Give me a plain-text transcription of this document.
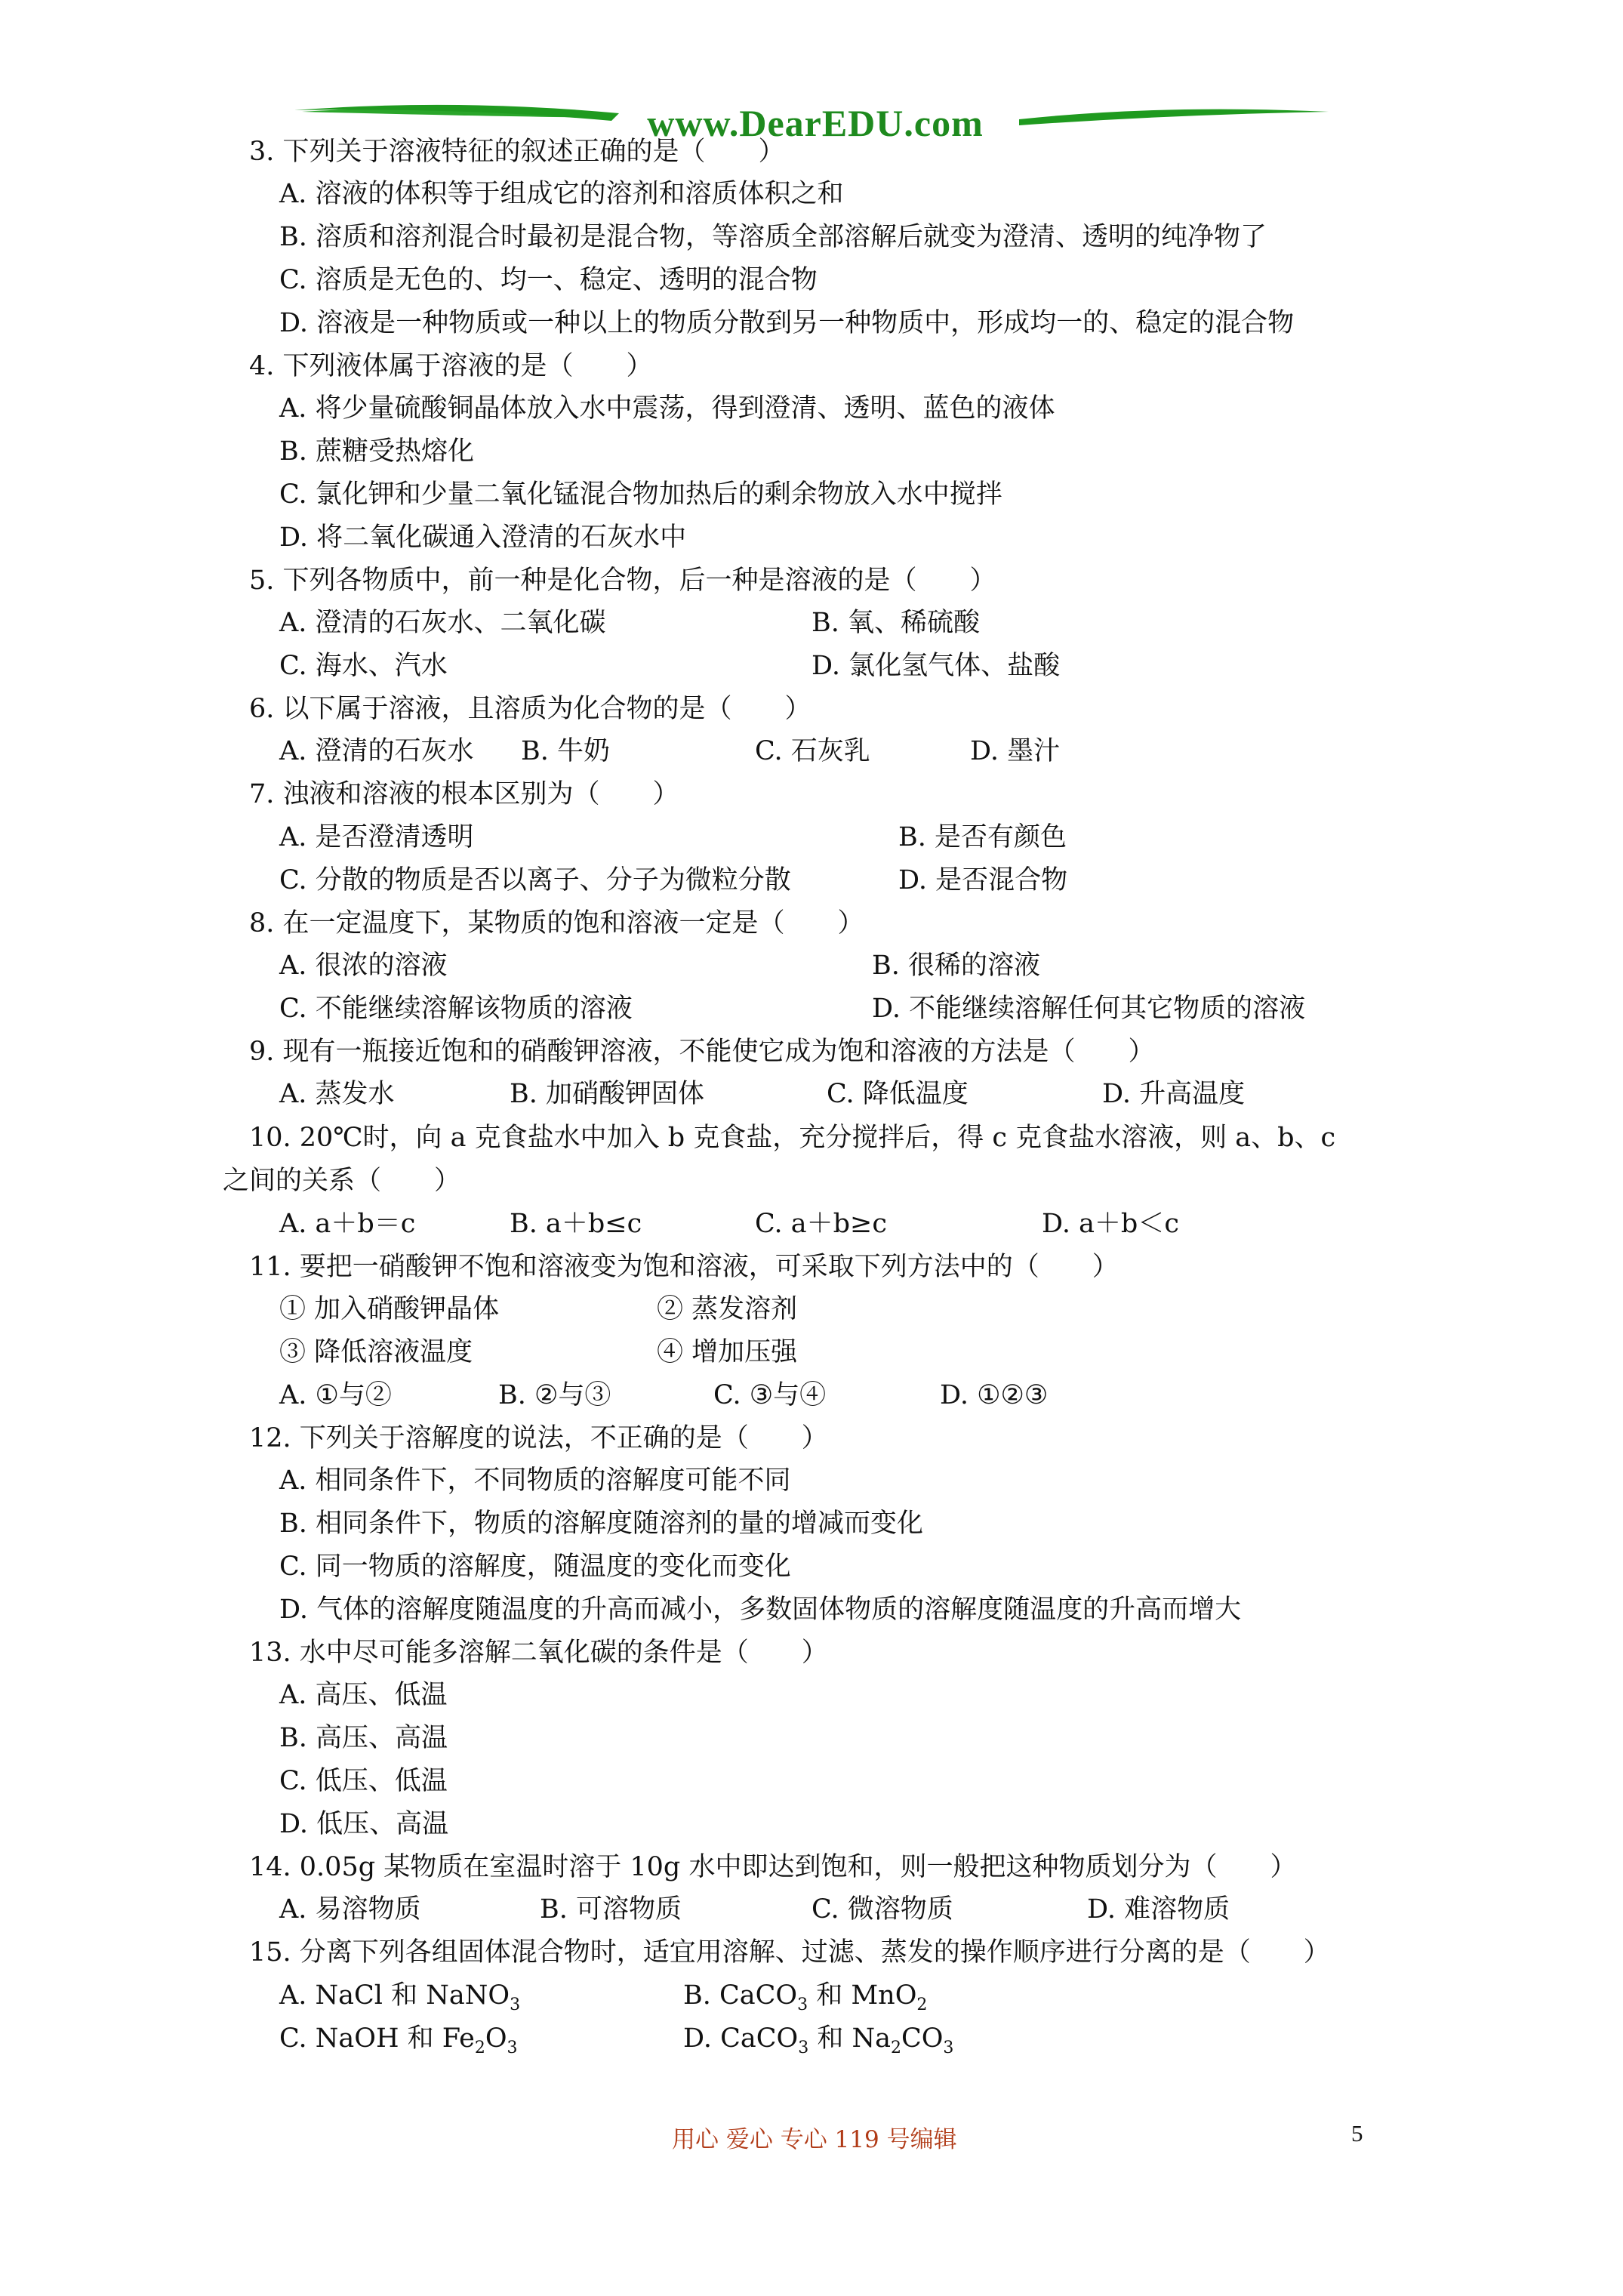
www.DearEDU.com
3. 下列关于溶液特征的叙述正确的是（　　）
A. 溶液的体积等于组成它的溶剂和溶质体积之和
B. 溶质和溶剂混合时最初是混合物，等溶质全部溶解后就变为澄清、透明的纯净物了
C. 溶质是无色的、均一、稳定、透明的混合物
D. 溶液是一种物质或一种以上的物质分散到另一种物质中，形成均一的、稳定的混合物
4. 下列液体属于溶液的是（　　）
A. 将少量硫酸铜晶体放入水中震荡，得到澄清、透明、蓝色的液体
B. 蔗糖受热熔化
C. 氯化钾和少量二氧化锰混合物加热后的剩余物放入水中搅拌
D. 将二氧化碳通入澄清的石灰水中
5. 下列各物质中，前一种是化合物，后一种是溶液的是（　　）
A. 澄清的石灰水、二氧化碳	B. 氧、稀硫酸
C. 海水、汽水	D. 氯化氢气体、盐酸
6. 以下属于溶液，且溶质为化合物的是（　　）
A. 澄清的石灰水 B. 牛奶	C. 石灰乳	D. 墨汁
7. 浊液和溶液的根本区别为（　　）
A. 是否澄清透明	B. 是否有颜色
C. 分散的物质是否以离子、分子为微粒分散	D. 是否混合物
8. 在一定温度下，某物质的饱和溶液一定是（　　）
A. 很浓的溶液	B. 很稀的溶液
C. 不能继续溶解该物质的溶液	D. 不能继续溶解任何其它物质的溶液
9. 现有一瓶接近饱和的硝酸钾溶液，不能使它成为饱和溶液的方法是（　　）
A. 蒸发水	B. 加硝酸钾固体	C. 降低温度	D. 升高温度
10. 20℃时，向 a 克食盐水中加入 b 克食盐，充分搅拌后，得 c 克食盐水溶液，则 a、b、c
之间的关系（　　）
A. a＋b＝c	B. a＋b≤c	C. a＋b≥c	D. a＋b＜c
11. 要把一硝酸钾不饱和溶液变为饱和溶液，可采取下列方法中的（　　）
① 加入硝酸钾晶体	② 蒸发溶剂
③ 降低溶液温度	④ 增加压强
A. ①与②	B. ②与③	C. ③与④	D. ①②③
12. 下列关于溶解度的说法，不正确的是（　　）
A. 相同条件下，不同物质的溶解度可能不同
B. 相同条件下，物质的溶解度随溶剂的量的增减而变化
C. 同一物质的溶解度，随温度的变化而变化
D. 气体的溶解度随温度的升高而减小，多数固体物质的溶解度随温度的升高而增大
13. 水中尽可能多溶解二氧化碳的条件是（　　）
A. 高压、低温
B. 高压、高温
C. 低压、低温
D. 低压、高温
14. 0.05g 某物质在室温时溶于 10g 水中即达到饱和，则一般把这种物质划分为（　　）
A. 易溶物质	B. 可溶物质	C. 微溶物质	D. 难溶物质
15. 分离下列各组固体混合物时，适宜用溶解、过滤、蒸发的操作顺序进行分离的是（　　）
A. NaCl 和 NaNO$_3$	B. CaCO$_3$ 和 MnO$_2$
C. NaOH 和 $Fe_2O_3$	D. CaCO$_3$ 和 $Na_2CO_3$
用心 爱心 专心 119 号编辑	5
